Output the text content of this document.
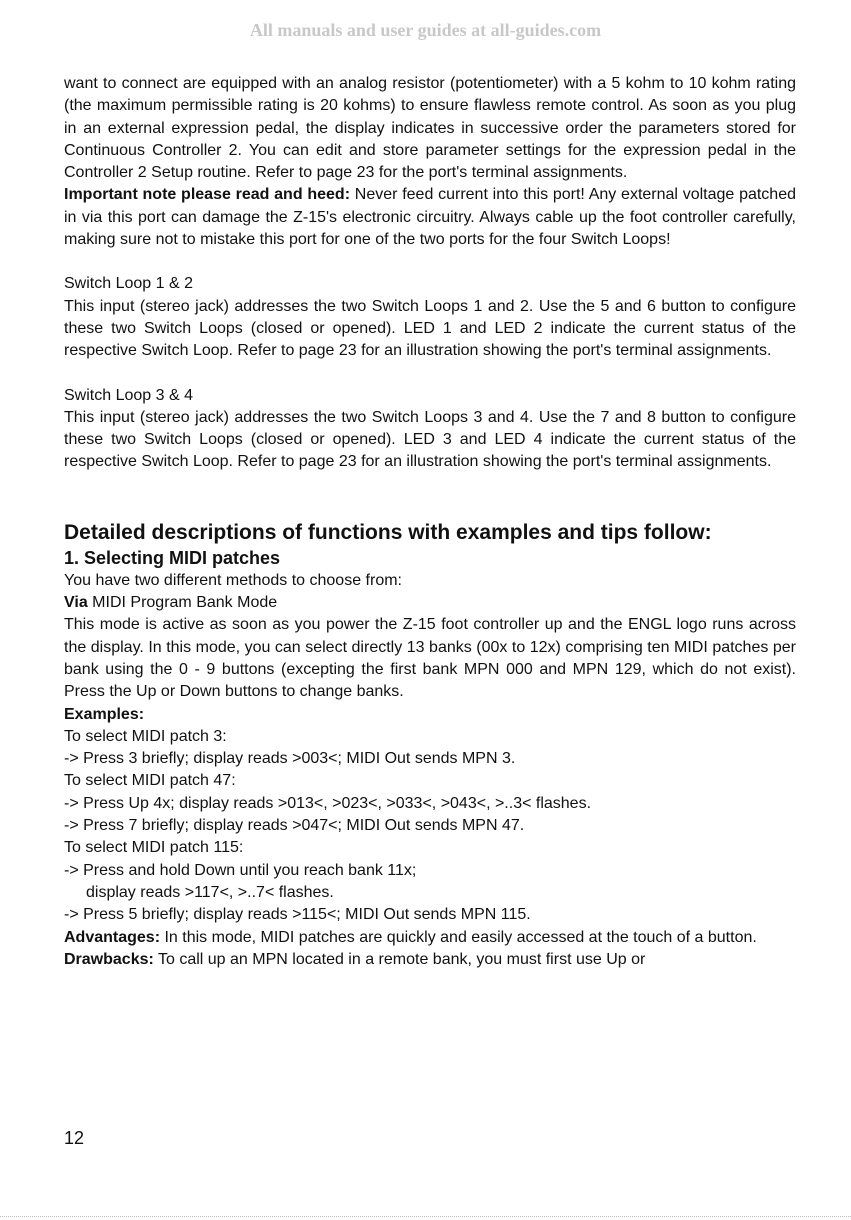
All manuals and user guides at all-guides.com

want to connect are equipped with an analog resistor (potentiometer) with a 5 kohm to 10 kohm rating (the maximum permissible rating is 20 kohms) to ensure flawless remote control. As soon as you plug in an external expression pedal, the display indicates in successive order the parameters stored for Continuous Controller 2. You can edit and store parameter settings for the expression pedal in the Controller 2 Setup routine. Refer to page 23 for the port's terminal assignments.

Important note please read and heed: Never feed current into this port! Any external voltage patched in via this port can damage the Z-15's electronic circuitry. Always cable up the foot controller carefully, making sure not to mistake this port for one of the two ports for the four Switch Loops!

Switch Loop 1 & 2

This input (stereo jack) addresses the two Switch Loops 1 and 2. Use the 5 and 6 button to configure these two Switch Loops (closed or opened). LED 1 and LED 2 indicate the current status of the respective Switch Loop. Refer to page 23 for an illustration showing the port's terminal assignments.

Switch Loop 3 & 4

This input (stereo jack) addresses the two Switch Loops 3 and 4. Use the 7 and 8 button to configure these two Switch Loops (closed or opened). LED 3 and LED 4 indicate the current status of the respective Switch Loop. Refer to page 23 for an illustration showing the port's terminal assignments.

Detailed descriptions of functions with examples and tips follow:

1. Selecting MIDI patches

You have two different methods to choose from:

Via MIDI Program Bank Mode

This mode is active as soon as you power the Z-15 foot controller up and the ENGL logo runs across the display. In this mode, you can select directly 13 banks (00x to 12x) comprising ten MIDI patches per bank using the 0 - 9 buttons (excepting the first bank MPN 000 and MPN 129, which do not exist). Press the Up or Down buttons to change banks.

Examples:

To select MIDI patch 3:

-> Press 3 briefly; display reads >003<; MIDI Out sends MPN 3.

To select MIDI patch 47:

-> Press Up 4x; display reads >013<, >023<, >033<, >043<, >..3< flashes.

-> Press 7 briefly; display reads >047<; MIDI Out sends MPN 47.

To select MIDI patch 115:

-> Press and hold Down until you reach bank 11x;

display reads >117<, >..7< flashes.

-> Press 5 briefly; display reads >115<; MIDI Out sends MPN 115.

Advantages: In this mode, MIDI patches are quickly and easily accessed at the touch of a button.

Drawbacks: To call up an MPN located in a remote bank, you must first use Up or

12
